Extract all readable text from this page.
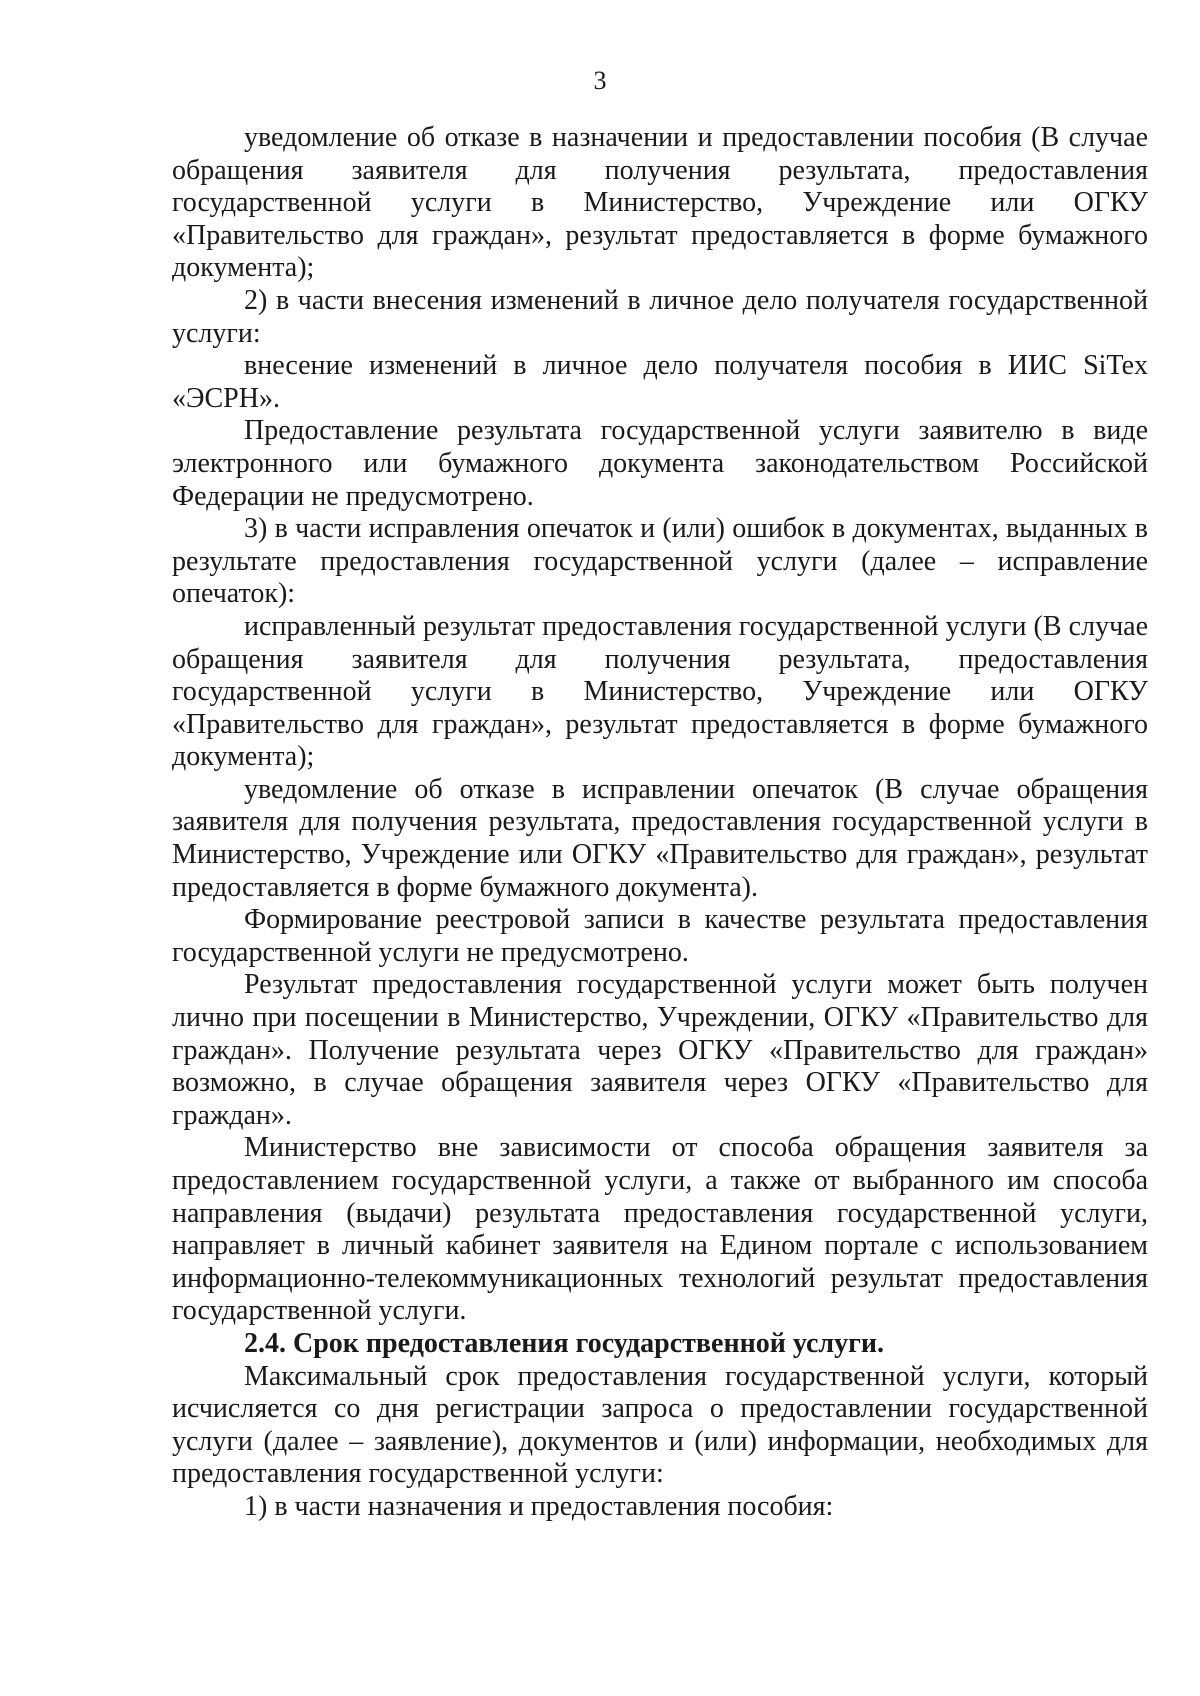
3

уведомление об отказе в назначении и предоставлении пособия (В случае обращения заявителя для получения результата, предоставления государственной услуги в Министерство, Учреждение или ОГКУ «Правительство для граждан», результат предоставляется в форме бумажного документа);

2) в части внесения изменений в личное дело получателя государственной услуги:

внесение изменений в личное дело получателя пособия в ИИС SiTex «ЭСРН».

Предоставление результата государственной услуги заявителю в виде электронного или бумажного документа законодательством Российской Федерации не предусмотрено.

3) в части исправления опечаток и (или) ошибок в документах, выданных в результате предоставления государственной услуги (далее – исправление опечаток):

исправленный результат предоставления государственной услуги (В случае обращения заявителя для получения результата, предоставления государственной услуги в Министерство, Учреждение или ОГКУ «Правительство для граждан», результат предоставляется в форме бумажного документа);

уведомление об отказе в исправлении опечаток (В случае обращения заявителя для получения результата, предоставления государственной услуги в Министерство, Учреждение или ОГКУ «Правительство для граждан», результат предоставляется в форме бумажного документа).

Формирование реестровой записи в качестве результата предоставления государственной услуги не предусмотрено.

Результат предоставления государственной услуги может быть получен лично при посещении в Министерство, Учреждении, ОГКУ «Правительство для граждан». Получение результата через ОГКУ «Правительство для граждан» возможно, в случае обращения заявителя через ОГКУ «Правительство для граждан».

Министерство вне зависимости от способа обращения заявителя за предоставлением государственной услуги, а также от выбранного им способа направления (выдачи) результата предоставления государственной услуги, направляет в личный кабинет заявителя на Едином портале с использованием информационно-телекоммуникационных технологий результат предоставления государственной услуги.

2.4. Срок предоставления государственной услуги.

Максимальный срок предоставления государственной услуги, который исчисляется со дня регистрации запроса о предоставлении государственной услуги (далее – заявление), документов и (или) информации, необходимых для предоставления государственной услуги:

1) в части назначения и предоставления пособия:
